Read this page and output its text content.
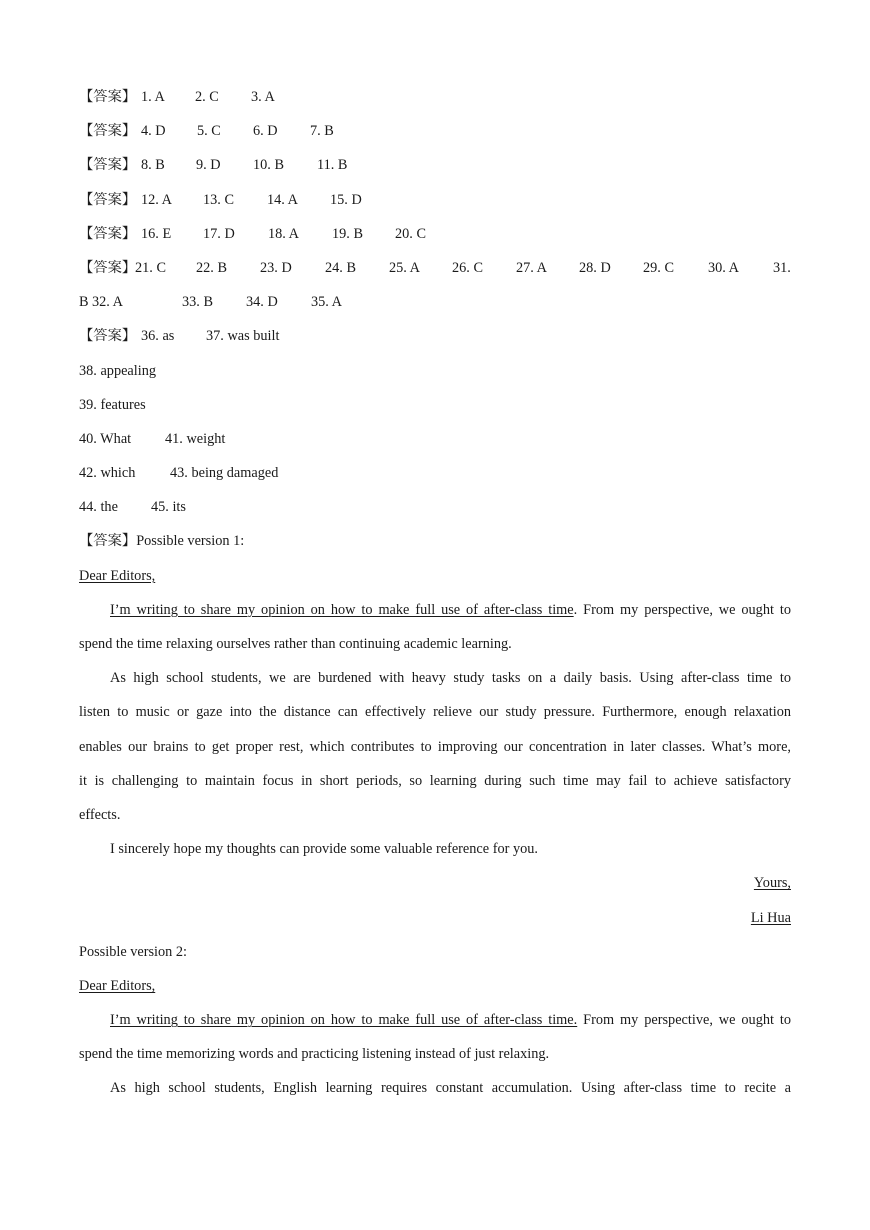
【答案】 1. A 2. C 3. A
【答案】 4. D 5. C 6. D 7. B
【答案】 8. B 9. D 10. B 11. B
【答案】 12. A 13. C 14. A 15. D
【答案】 16. E 17. D 18. A 19. B 20. C
【答案】
21. C 22. B 23. D 24. B 25. A 26. C 27. A 28. D 29. C 30. A 31.
B 32. A	33. B 34. D 35. A
【答案】 36. as 37. was built
38. appealing
39. features
40. What 41. weight
42. which 43. being damaged
44. the 45. its
【答案】Possible version 1:
Dear Editors,
I’m writing to share my opinion on how to make full use of after-class time. From my perspective, we ought to
spend the time relaxing ourselves rather than continuing academic learning.
As high school students, we are burdened with heavy study tasks on a daily basis. Using after-class time to
listen to music or gaze into the distance can effectively relieve our study pressure. Furthermore, enough relaxation
enables our brains to get proper rest, which contributes to improving our concentration in later classes. What’s more,
it is challenging to maintain focus in short periods, so learning during such time may fail to achieve satisfactory
effects.
I sincerely hope my thoughts can provide some valuable reference for you.
Yours,
Li Hua
Possible version 2:
Dear Editors,
I’m writing to share my opinion on how to make full use of after-class time. From my perspective, we ought to
spend the time memorizing words and practicing listening instead of just relaxing.
As high school students, English learning requires constant accumulation. Using after-class time to recite a
